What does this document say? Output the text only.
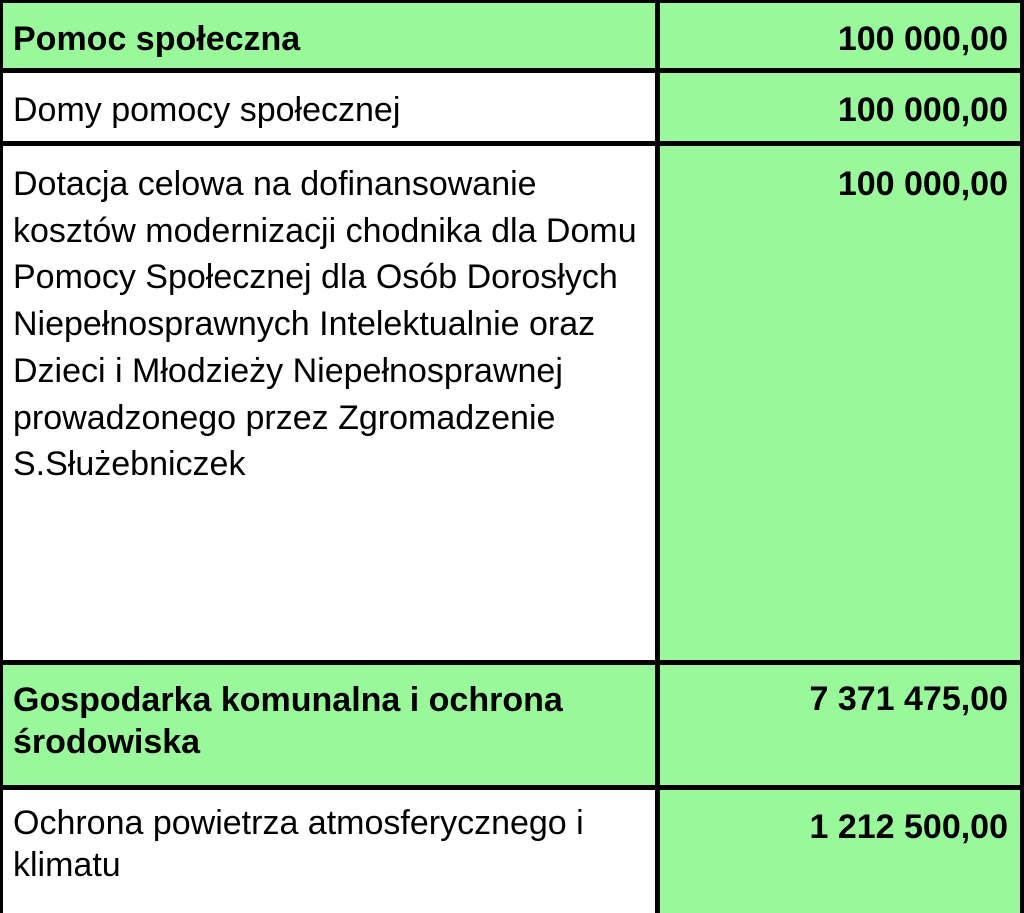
Pomoc społeczna	100 000,00
Domy pomocy społecznej	100 000,00
Dotacja celowa na dofinansowanie kosztów modernizacji chodnika dla Domu Pomocy Społecznej dla Osób Dorosłych Niepełnosprawnych Intelektualnie oraz Dzieci i Młodzieży Niepełnosprawnej prowadzonego przez Zgromadzenie S.Służebniczek
100 000,00
Gospodarka komunalna i ochrona środowiska
7 371 475,00
Ochrona powietrza atmosferycznego i klimatu
1 212 500,00
